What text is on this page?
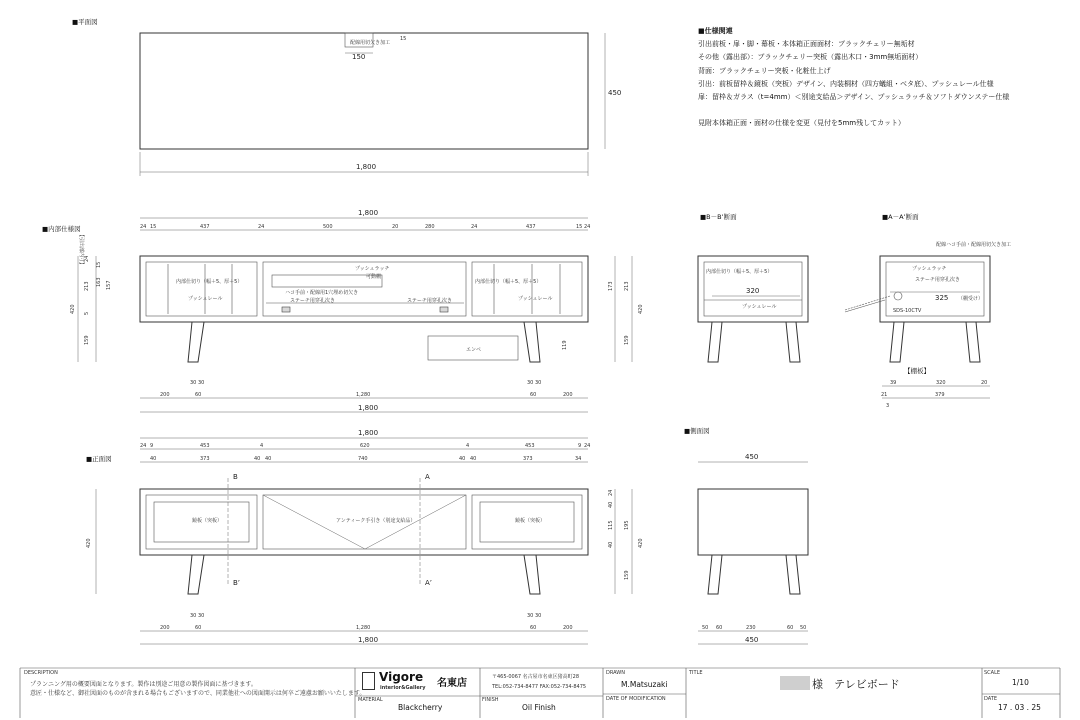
■平面図
配線用切欠き加工
150
15
450
1,800
■内部仕様図
【引出部内寸】
1,800
24 15	437	24	500	20	280	24	437	15 24
内部仕切り（幅＋5、厚＋5）
プッシュレール
プッシュラッチ
可動棚
ハコ手前・配線用1穴埋め切欠き
ステーチ用穿孔次き
内部仕切り（幅＋5、厚＋5）
プッシュレール
ステーチ用穿孔次き
エンペ
24
213
5
159
420
163 157
15
173 213
159
420
119
30 30	30 30
200	60	1,280	60	200
1,800
■正面図
1,800
24 9	453	4	620	4	453	9 24
40	373	40 40	740	40 40	373	34
鏡板（突板）	アンティーク手引き（別途支給品）	鏡板（突板）
B	A
B’	A’
420
24
115 195
420
159
40
40
30 30	30 30
200	60	1,280	60	200
1,800
■B－B’断面
内部仕切り（幅＋5、厚＋5）
320
プッシュレール
■A－A’断面
配線ハコ手前・配線用切欠き加工
プッシュラッチ
ステーチ用穿孔次き
325 （棚受け）
SDS-10CTV
【棚板】
39	320	20
379
21
3
■側面図
450
50 60	230	60 50
450
■仕様関連
引出前板・扉・脚・幕板・本体箱正面面材：ブラックチェリー無垢材
その他（露出部）：ブラックチェリー突板（露出木口・3mm無垢面材）
背面：ブラックチェリー突板・化粧仕上げ
引出：前板留枠＆鏡板（突板）デザイン、内装桐材（四方蟻組・ベタ底）、プッシュレール仕様
扉：留枠＆ガラス（t=4mm）＜別途支給品＞デザイン、プッシュラッチ＆ソフトダウンステー仕様

見附本体箱正面・面材の仕様を変更（見付を5mm残してカット）
DESCRIPTION
プランニング用の概要図面となります。製作は別途ご用意の製作図面に基づきます。
意匠・仕様など、御社図面のものが含まれる場合もございますので、同業他社への図面開示は何卒ご遠慮お願いいたします。
Vigore
interior&Gallery 名東店
〒465-0067 名古屋市名東区猪高町28
TEL:052-734-8477 FAX:052-734-8475
MATERIAL
Blackcherry
FINISH
Oil Finish
DRAWN
M.Matsuzaki
DATE OF MODIFICATION
TITLE
様　テレビボード
SCALE
1/10
DATE
17 . 03 . 25
